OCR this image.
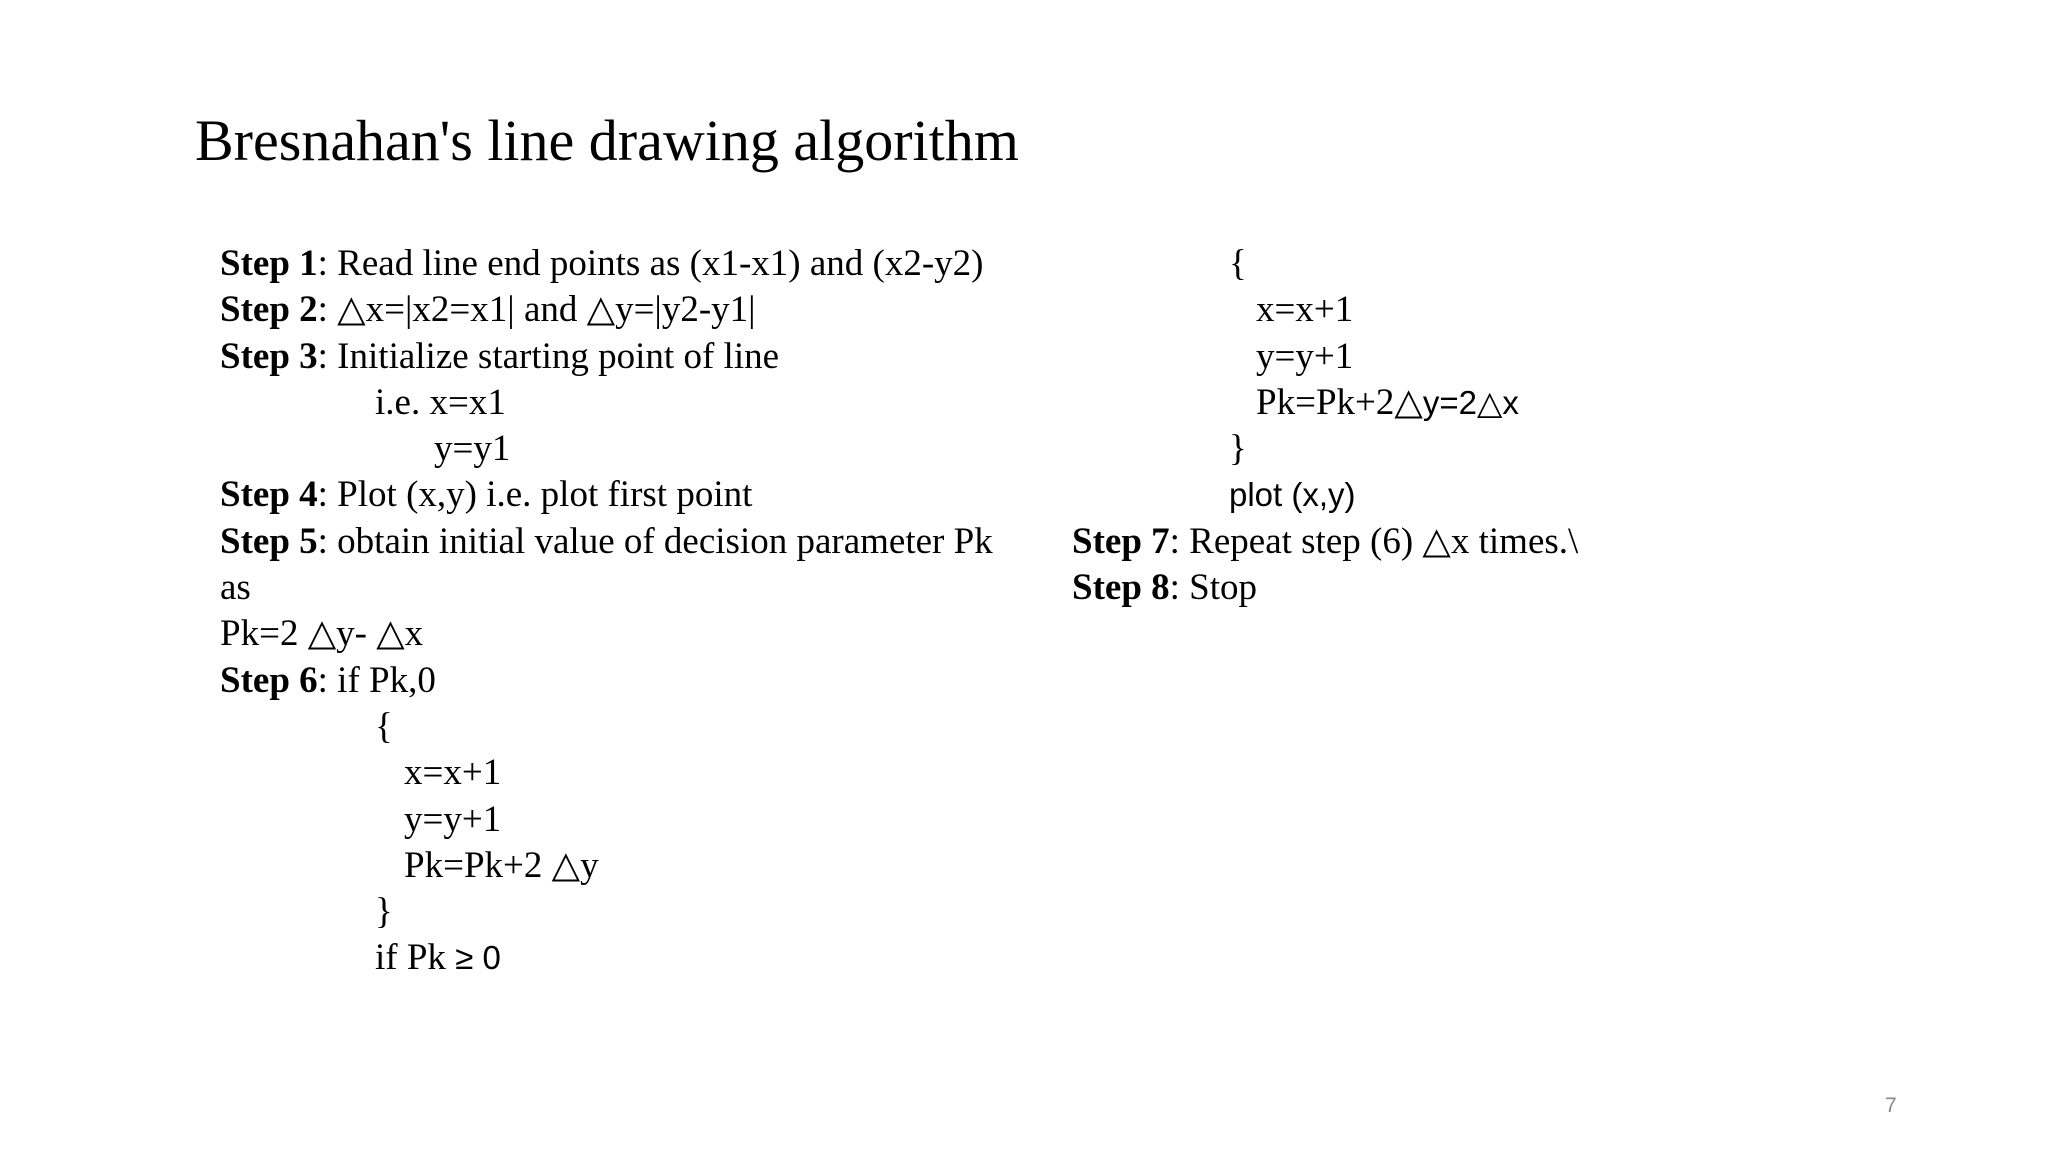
Bresnahan's line drawing algorithm
Step 1: Read line end points as (x1-x1) and (x2-y2)
Step 2: △x=|x2=x1| and △y=|y2-y1|
Step 3: Initialize starting point of line
i.e. x=x1
y=y1
Step 4: Plot (x,y) i.e. plot first point
Step 5: obtain initial value of decision parameter Pk
as
Pk=2 △y- △x
Step 6: if Pk,0
{
x=x+1
y=y+1
Pk=Pk+2 △y
}
if Pk ≥ 0
{
x=x+1
y=y+1
Pk=Pk+2△y=2△x
}
plot (x,y)
Step 7: Repeat step (6) △x times.\
Step 8: Stop
7
